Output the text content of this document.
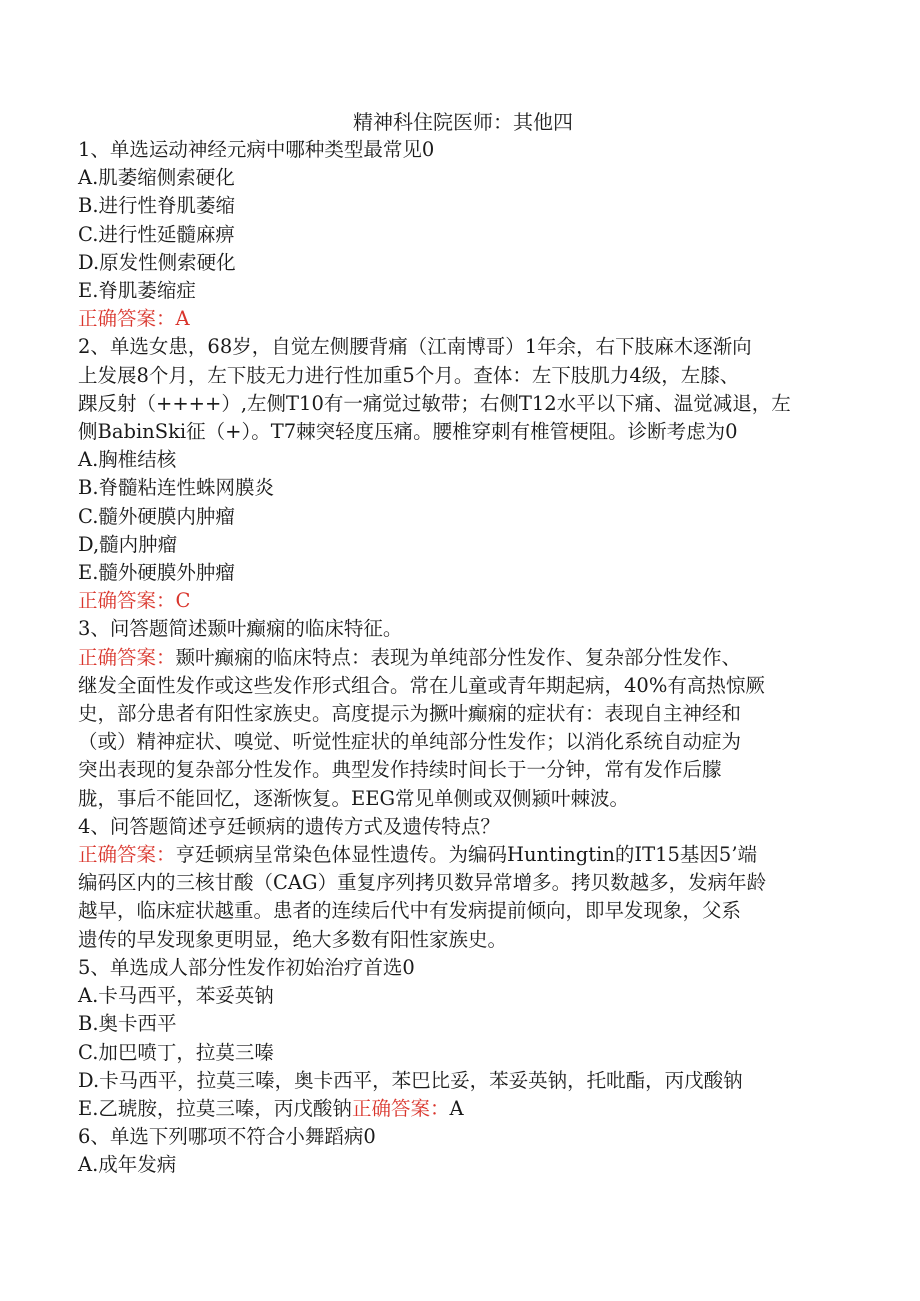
精神科住院医师：其他四

1、单选运动神经元病中哪种类型最常见0

A.肌萎缩侧索硬化

B.进行性脊肌萎缩

C.进行性延髓麻痹

D.原发性侧索硬化

E.脊肌萎缩症

正确答案：A

2、单选女患，68岁，自觉左侧腰背痛（江南博哥）1年余，右下肢麻木逐渐向

上发展8个月，左下肢无力进行性加重5个月。查体：左下肢肌力4级，左膝、

踝反射（++++）,左侧T10有一痛觉过敏带；右侧T12水平以下痛、温觉减退，左

侧BabinSki征（+）。T7棘突轻度压痛。腰椎穿刺有椎管梗阻。诊断考虑为0

A.胸椎结核

B.脊髓粘连性蛛网膜炎

C.髓外硬膜内肿瘤

D,髓内肿瘤

E.髓外硬膜外肿瘤

正确答案：C

3、问答题简述颞叶癫痫的临床特征。

正确答案：颞叶癫痫的临床特点：表现为单纯部分性发作、复杂部分性发作、

继发全面性发作或这些发作形式组合。常在儿童或青年期起病，40%有高热惊厥

史，部分患者有阳性家族史。高度提示为撅叶癫痫的症状有：表现自主神经和

（或）精神症状、嗅觉、听觉性症状的单纯部分性发作；以消化系统自动症为

突出表现的复杂部分性发作。典型发作持续时间长于一分钟，常有发作后朦

胧，事后不能回忆，逐渐恢复。EEG常见单侧或双侧颍叶棘波。

4、问答题简述亨廷顿病的遗传方式及遗传特点？

正确答案：亨廷顿病呈常染色体显性遗传。为编码Huntingtin的IT15基因5’端

编码区内的三核甘酸（CAG）重复序列拷贝数异常增多。拷贝数越多，发病年龄

越早，临床症状越重。患者的连续后代中有发病提前倾向，即早发现象，父系

遗传的早发现象更明显，绝大多数有阳性家族史。

5、单选成人部分性发作初始治疗首选0

A.卡马西平，苯妥英钠

B.奥卡西平

C.加巴喷丁，拉莫三嗪

D.卡马西平，拉莫三嗪，奥卡西平，苯巴比妥，苯妥英钠，托吡酯，丙戊酸钠

E.乙琥胺，拉莫三嗪，丙戊酸钠正确答案：A

6、单选下列哪项不符合小舞蹈病0

A.成年发病
